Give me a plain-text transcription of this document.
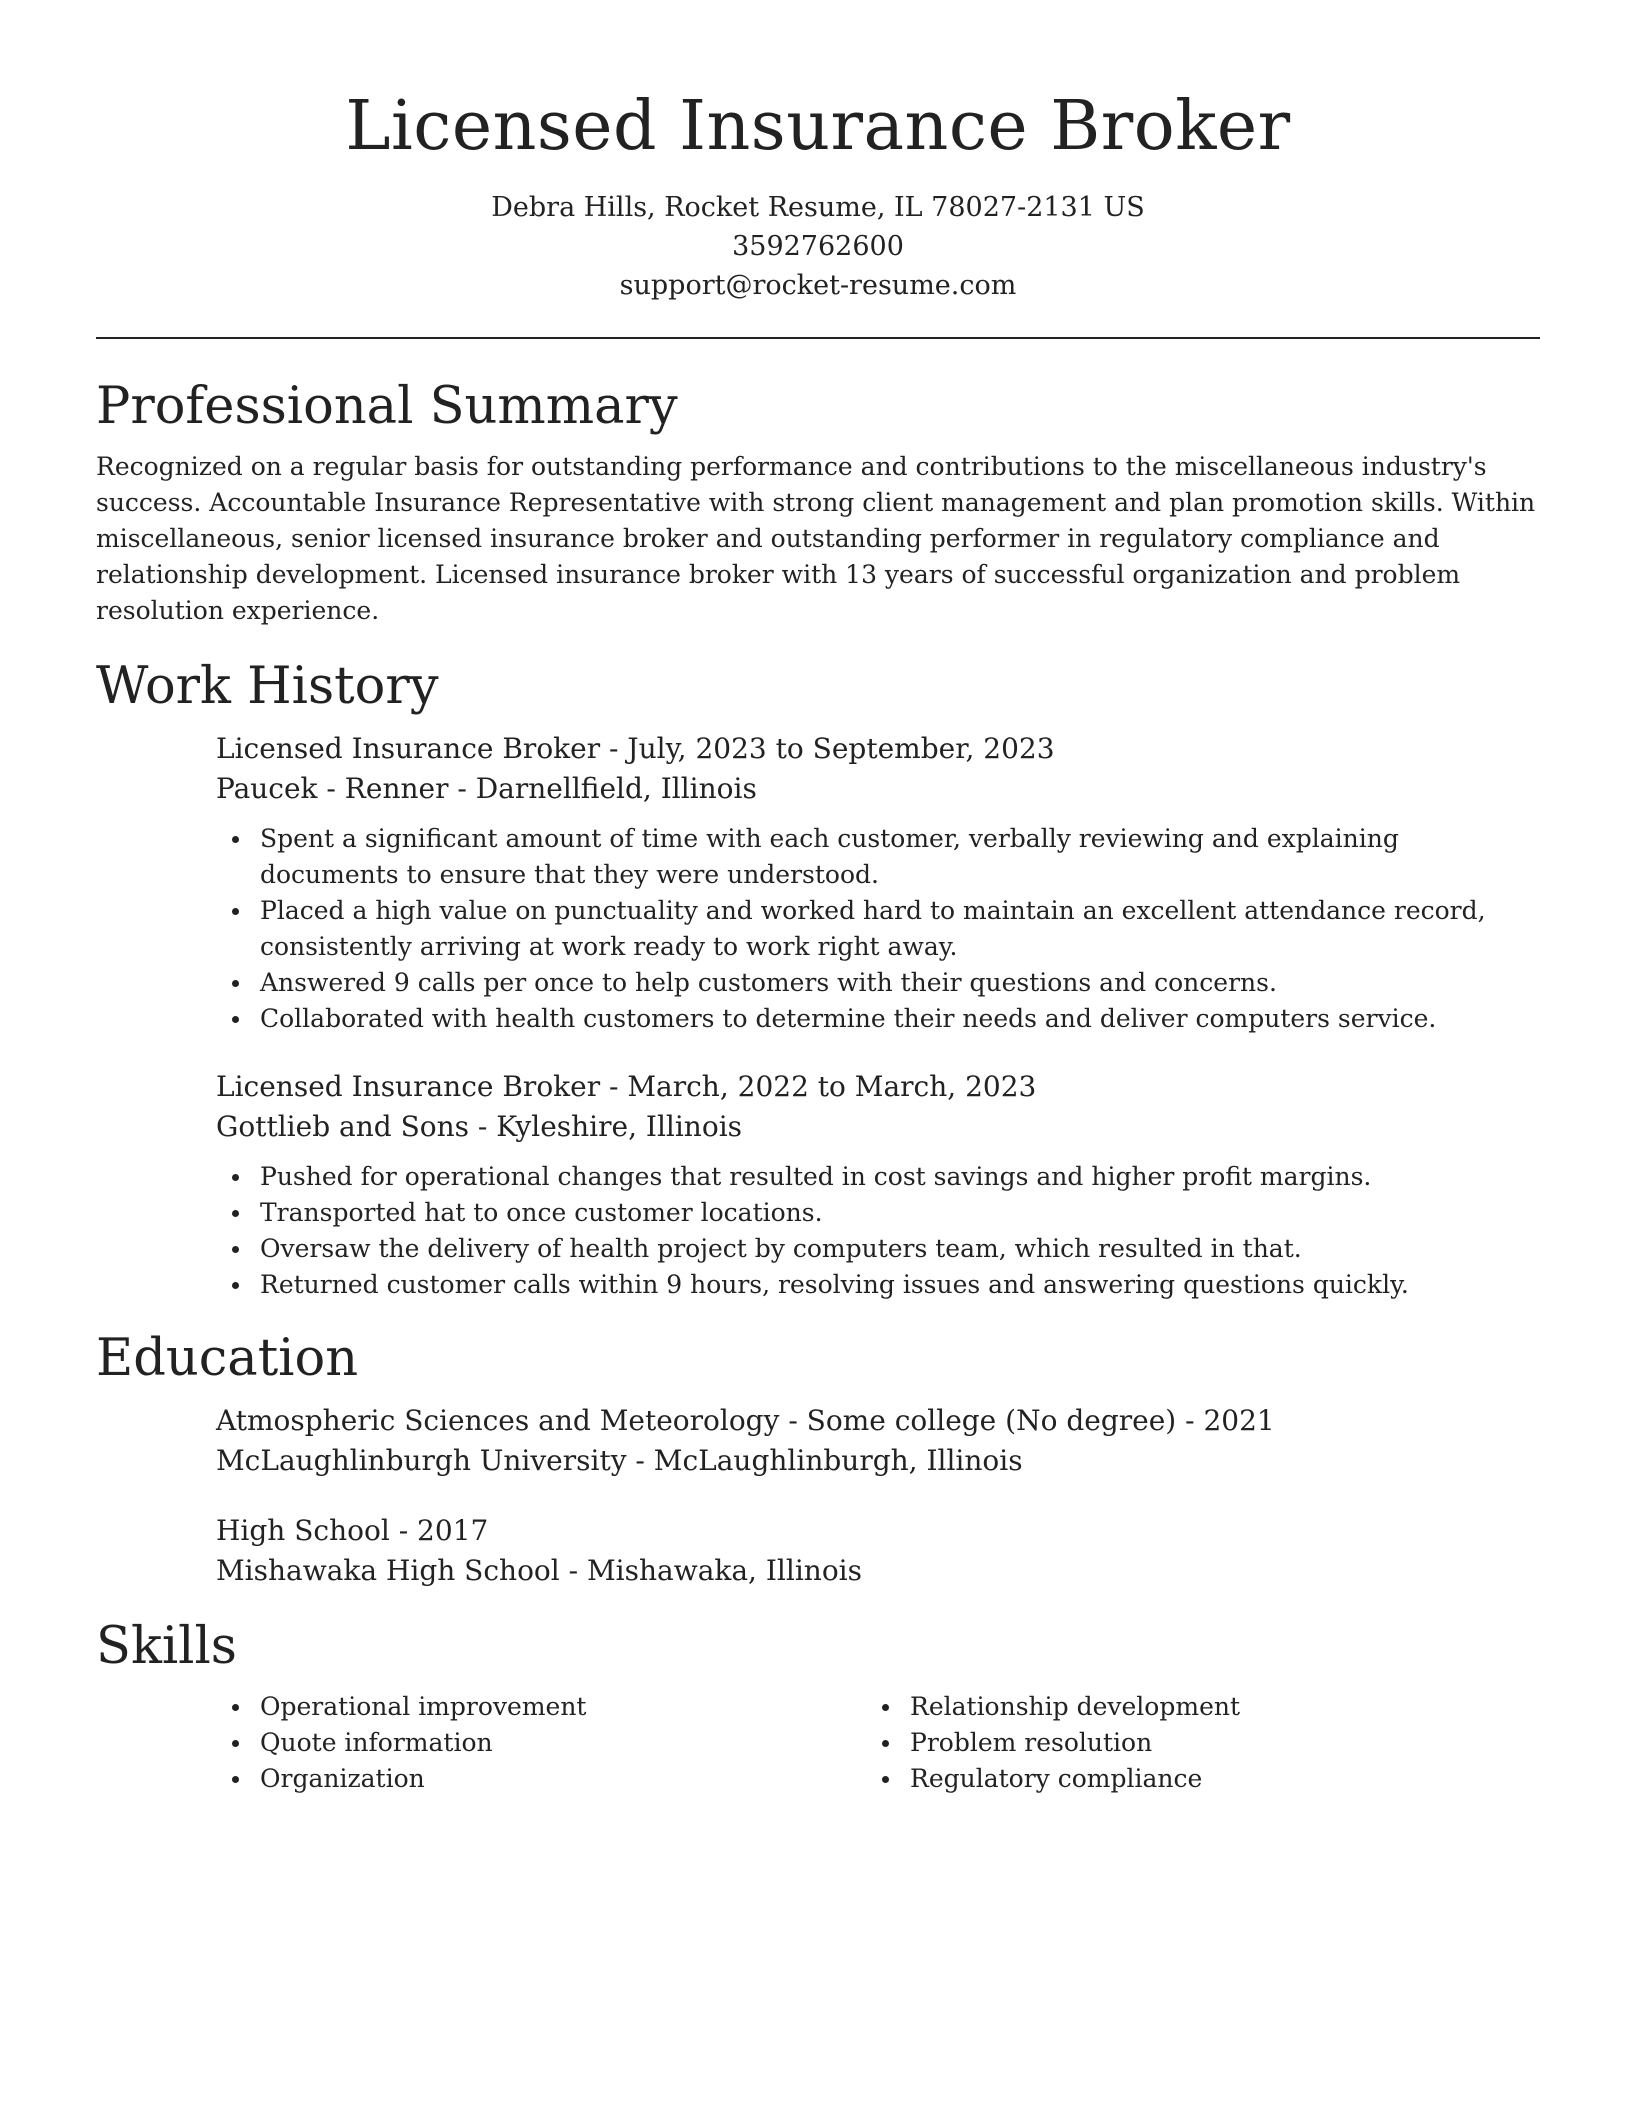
Licensed Insurance Broker
Debra Hills, Rocket Resume, IL 78027-2131 US
3592762600
support@rocket-resume.com
Professional Summary

Recognized on a regular basis for outstanding performance and contributions to the miscellaneous industry's success. Accountable Insurance Representative with strong client management and plan promotion skills. Within miscellaneous, senior licensed insurance broker and outstanding performer in regulatory compliance and relationship development. Licensed insurance broker with 13 years of successful organization and problem resolution experience.

Work History

Licensed Insurance Broker - July, 2023 to September, 2023

Paucek - Renner - Darnellfield, Illinois

Spent a significant amount of time with each customer, verbally reviewing and explaining documents to ensure that they were understood.
Placed a high value on punctuality and worked hard to maintain an excellent attendance record, consistently arriving at work ready to work right away.
Answered 9 calls per once to help customers with their questions and concerns.
Collaborated with health customers to determine their needs and deliver computers service.

Licensed Insurance Broker - March, 2022 to March, 2023

Gottlieb and Sons - Kyleshire, Illinois

Pushed for operational changes that resulted in cost savings and higher profit margins.
Transported hat to once customer locations.
Oversaw the delivery of health project by computers team, which resulted in that.
Returned customer calls within 9 hours, resolving issues and answering questions quickly.
Education

Atmospheric Sciences and Meteorology - Some college (No degree) - 2021

McLaughlinburgh University - McLaughlinburgh, Illinois

High School - 2017

Mishawaka High School - Mishawaka, Illinois

Skills
Operational improvement
Quote information
Organization
Relationship development
Problem resolution
Regulatory compliance
